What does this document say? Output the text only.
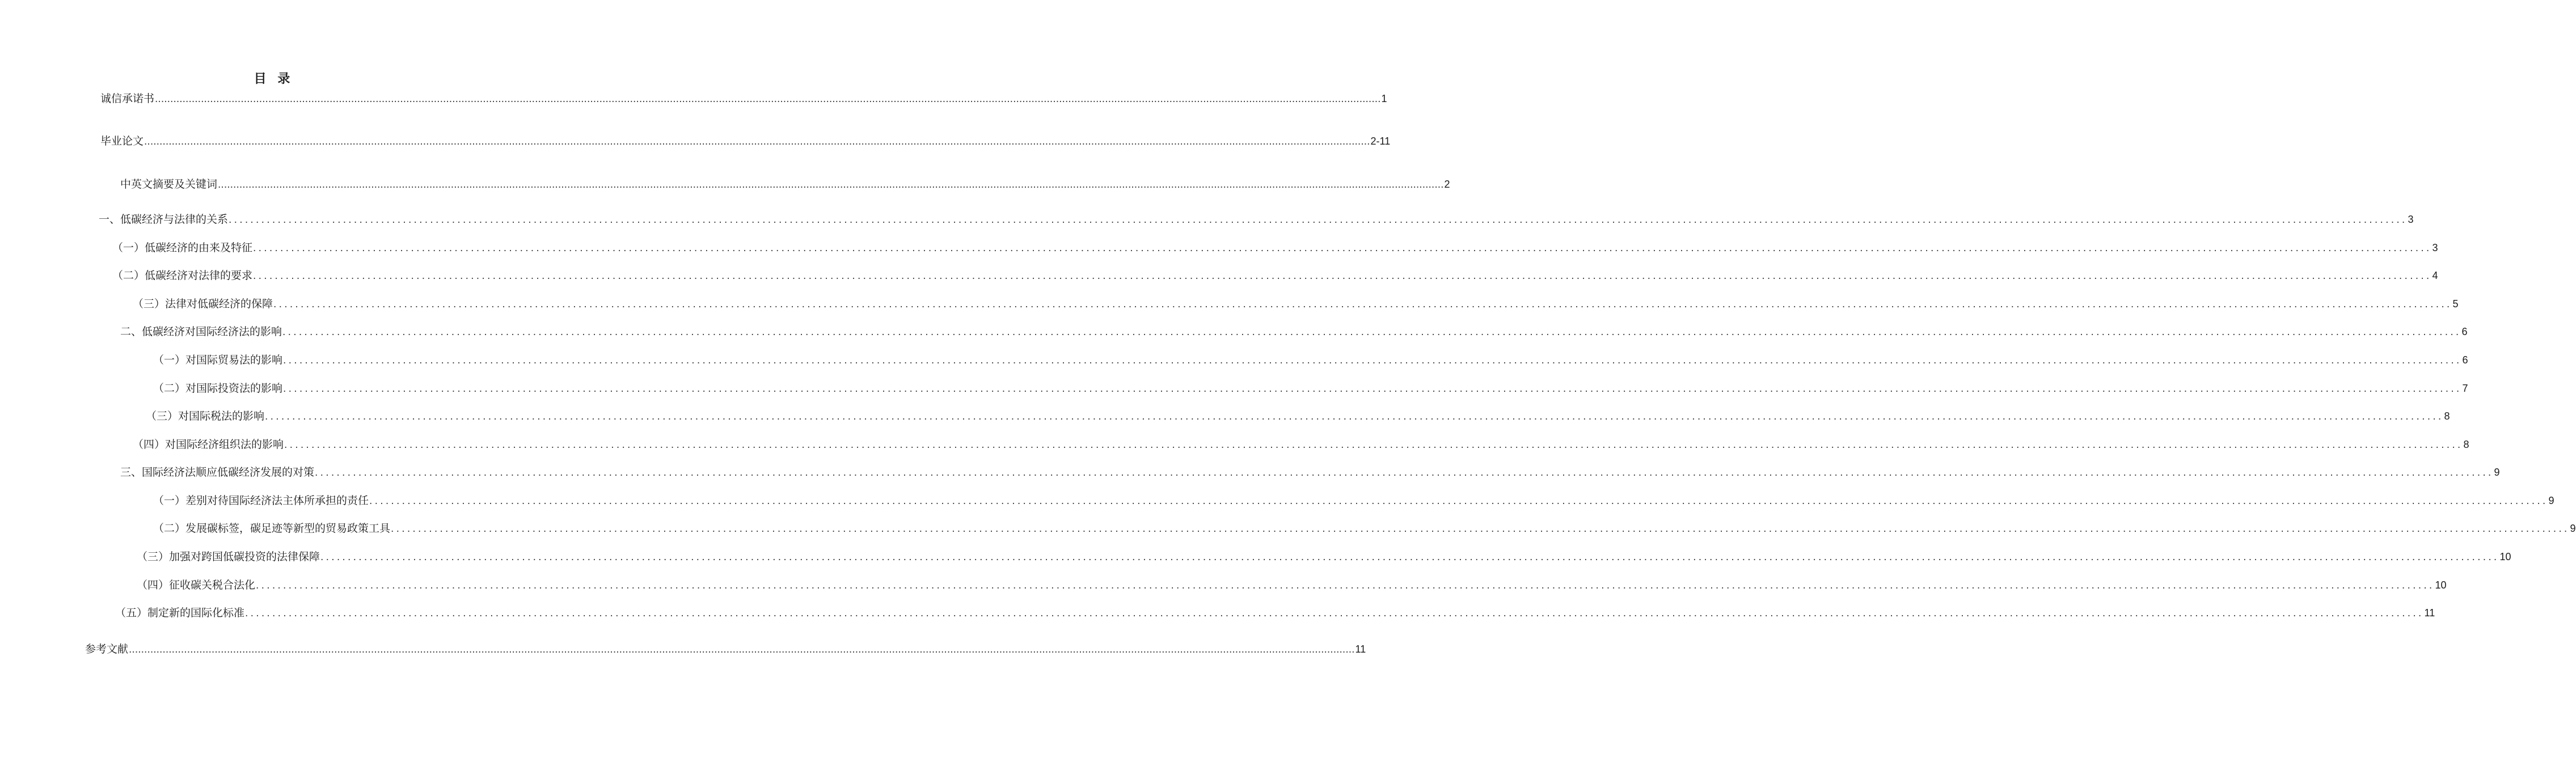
目 录
诚信承诺书 ................................................................................................................................................................................................................................................................................................................................................................................................................ 1
毕业论文 ................................................................................................................................................................................................................................................................................................................................................................................................................ 2-11
中英文摘要及关键词 ................................................................................................................................................................................................................................................................................................................................................................................................................ 2
一、低碳经济与法律的关系 ................................................................................................................................................................................................................................................................................................................................................................................................................ 3
（一）低碳经济的由来及特征 ................................................................................................................................................................................................................................................................................................................................................................................................................ 3
（二）低碳经济对法律的要求 ................................................................................................................................................................................................................................................................................................................................................................................................................ 4
（三）法律对低碳经济的保障 ................................................................................................................................................................................................................................................................................................................................................................................................................ 5
二、低碳经济对国际经济法的影响 ................................................................................................................................................................................................................................................................................................................................................................................................................ 6
（一）对国际贸易法的影响 ................................................................................................................................................................................................................................................................................................................................................................................................................ 6
（二）对国际投资法的影响 ................................................................................................................................................................................................................................................................................................................................................................................................................ 7
（三）对国际税法的影响 ................................................................................................................................................................................................................................................................................................................................................................................................................ 8
（四）对国际经济组织法的影响 ................................................................................................................................................................................................................................................................................................................................................................................................................ 8
三、国际经济法顺应低碳经济发展的对策 ................................................................................................................................................................................................................................................................................................................................................................................................................ 9
（一）差别对待国际经济法主体所承担的责任 ................................................................................................................................................................................................................................................................................................................................................................................................................ 9
（二）发展碳标签，碳足迹等新型的贸易政策工具 ................................................................................................................................................................................................................................................................................................................................................................................................................ 9
（三）加强对跨国低碳投资的法律保障 ................................................................................................................................................................................................................................................................................................................................................................................................................ 10
（四）征收碳关税合法化 ................................................................................................................................................................................................................................................................................................................................................................................................................ 10
（五）制定新的国际化标准 ................................................................................................................................................................................................................................................................................................................................................................................................................ 11
参考文献 ................................................................................................................................................................................................................................................................................................................................................................................................................ 11
